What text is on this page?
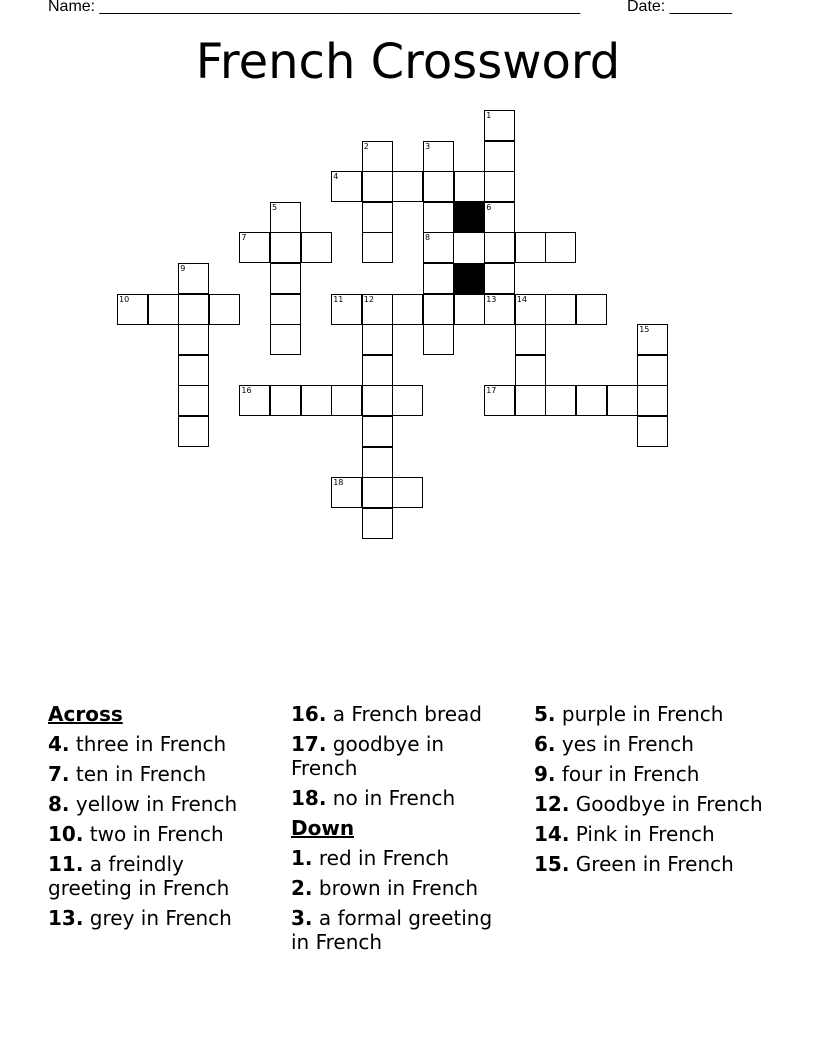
Name: ______________________________________________________	Date: _______
French Crossword
1
2	3
8
4
5	6
7
9
10	11	12	13	14
15
16	17
18
Across
4. three in French
7. ten in French
8. yellow in French
10. two in French
11. a freindly greeting in French
13. grey in French
16. a French bread
17. goodbye in French
18. no in French
Down
1. red in French
2. brown in French
3. a formal greeting in French
5. purple in French
6. yes in French
9. four in French
12. Goodbye in French
14. Pink in French
15. Green in French
